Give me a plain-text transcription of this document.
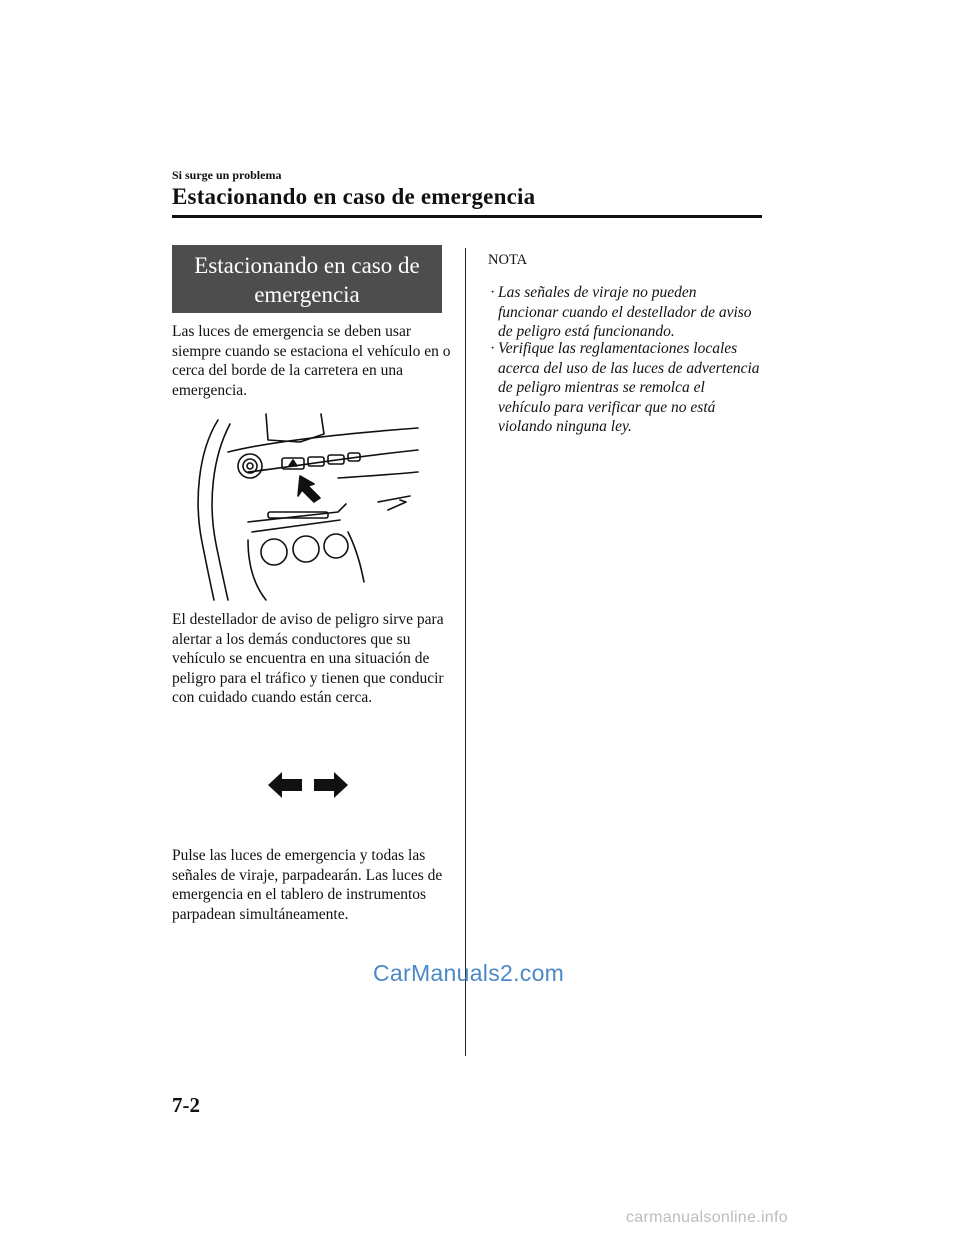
Si surge un problema
Estacionando en caso de emergencia
Estacionando en caso de
emergencia
Las luces de emergencia se deben usar siempre cuando se estaciona el vehículo en o cerca del borde de la carretera en una emergencia.
El destellador de aviso de peligro sirve para alertar a los demás conductores que su vehículo se encuentra en una situación de peligro para el tráfico y tienen que conducir con cuidado cuando están cerca.
Pulse las luces de emergencia y todas las señales de viraje, parpadearán. Las luces de emergencia en el tablero de instrumentos parpadean simultáneamente.
NOTA
· Las señales de viraje no pueden funcionar cuando el destellador de aviso de peligro está funcionando.
· Verifique las reglamentaciones locales acerca del uso de las luces de advertencia de peligro mientras se remolca el vehículo para verificar que no está violando ninguna ley.
CarManuals2.com
7-2
carmanualsonline.info
